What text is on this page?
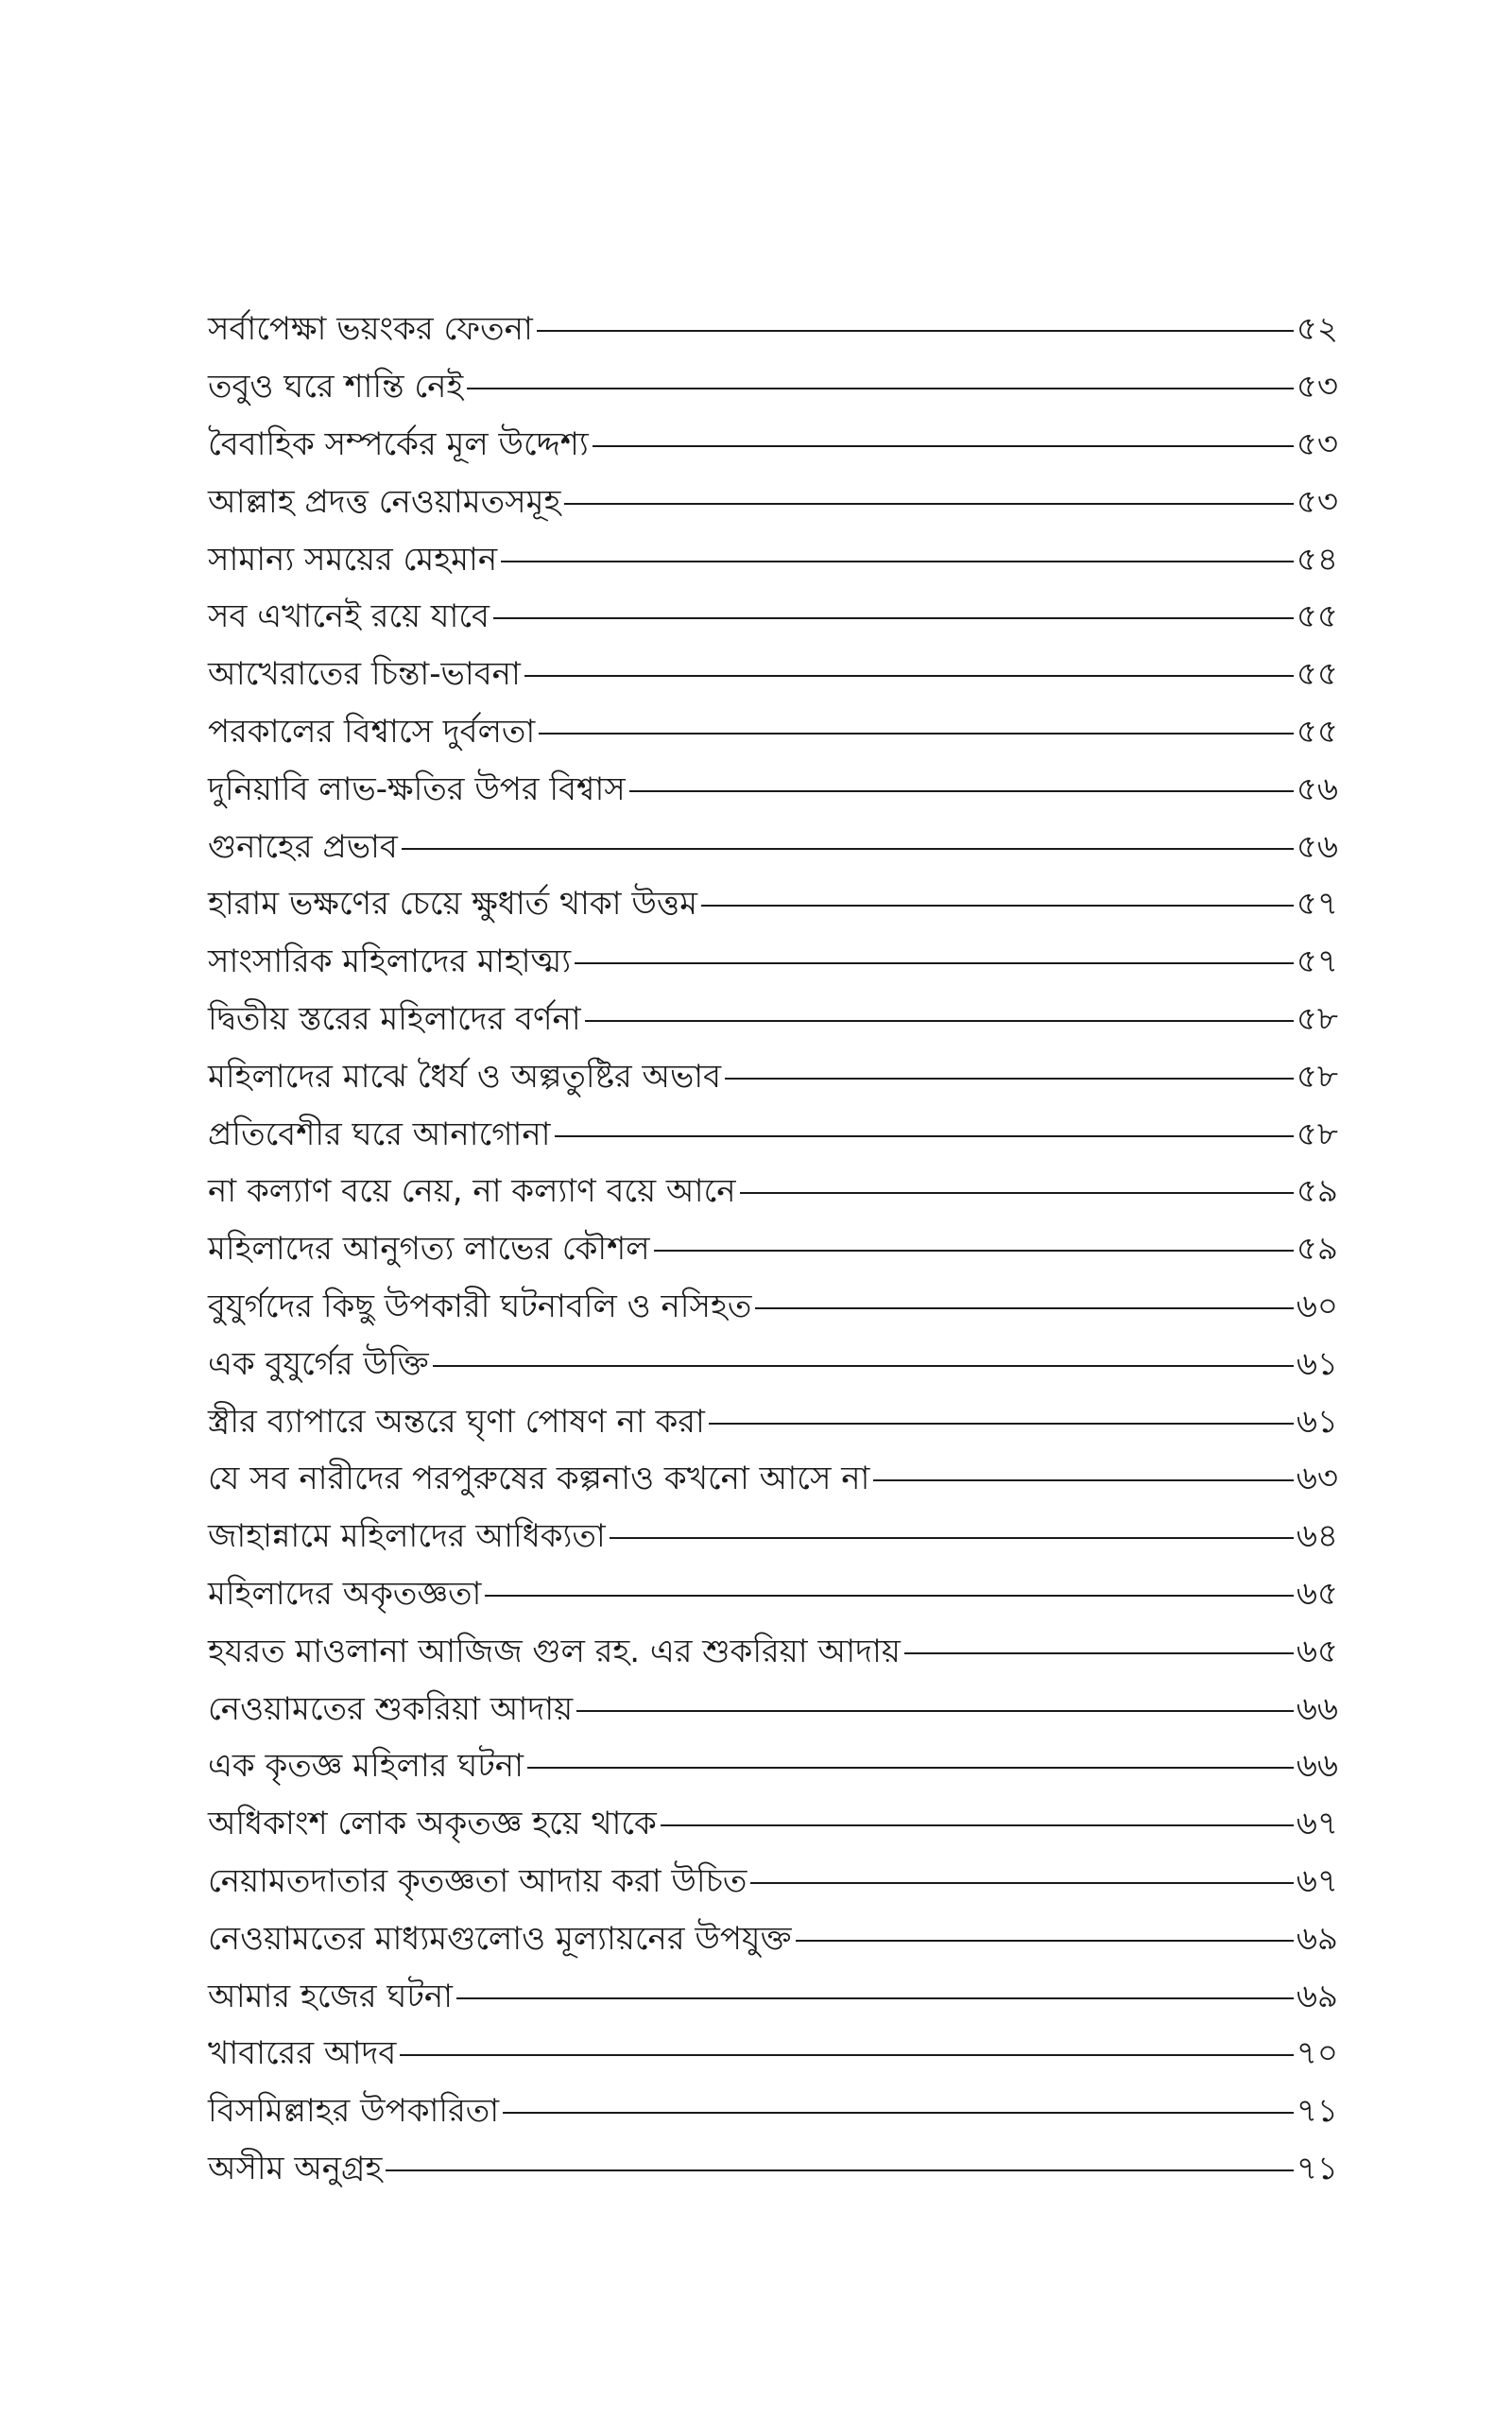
সর্বাপেক্ষা ভয়ংকর ফেতনা	৫২
তবুও ঘরে শান্তি নেই	৫৩
বৈবাহিক সম্পর্কের মূল উদ্দেশ্য	৫৩
আল্লাহ প্রদত্ত নেওয়ামতসমূহ	৫৩
সামান্য সময়ের মেহমান	৫৪
সব এখানেই রয়ে যাবে	৫৫
আখেরাতের চিন্তা-ভাবনা	৫৫
পরকালের বিশ্বাসে দুর্বলতা	৫৫
দুনিয়াবি লাভ-ক্ষতির উপর বিশ্বাস	৫৬
গুনাহের প্রভাব	৫৬
হারাম ভক্ষণের চেয়ে ক্ষুধার্ত থাকা উত্তম	৫৭
সাংসারিক মহিলাদের মাহাত্ম্য	৫৭
দ্বিতীয় স্তরের মহিলাদের বর্ণনা	৫৮
মহিলাদের মাঝে ধৈর্য ও অল্পতুষ্টির অভাব	৫৮
প্রতিবেশীর ঘরে আনাগোনা	৫৮
না কল্যাণ বয়ে নেয়, না কল্যাণ বয়ে আনে	৫৯
মহিলাদের আনুগত্য লাভের কৌশল	৫৯
বুযুর্গদের কিছু উপকারী ঘটনাবলি ও নসিহত	৬০
এক বুযুর্গের উক্তি	৬১
স্ত্রীর ব্যাপারে অন্তরে ঘৃণা পোষণ না করা	৬১
যে সব নারীদের পরপুরুষের কল্পনাও কখনো আসে না	৬৩
জাহান্নামে মহিলাদের আধিক্যতা	৬৪
মহিলাদের অকৃতজ্ঞতা	৬৫
হযরত মাওলানা আজিজ গুল রহ. এর শুকরিয়া আদায়	৬৫
নেওয়ামতের শুকরিয়া আদায়	৬৬
এক কৃতজ্ঞ মহিলার ঘটনা	৬৬
অধিকাংশ লোক অকৃতজ্ঞ হয়ে থাকে	৬৭
নেয়ামতদাতার কৃতজ্ঞতা আদায় করা উচিত	৬৭
নেওয়ামতের মাধ্যমগুলোও মূল্যায়নের উপযুক্ত	৬৯
আমার হজের ঘটনা	৬৯
খাবারের আদব	৭০
বিসমিল্লাহর উপকারিতা	৭১
অসীম অনুগ্রহ	৭১
